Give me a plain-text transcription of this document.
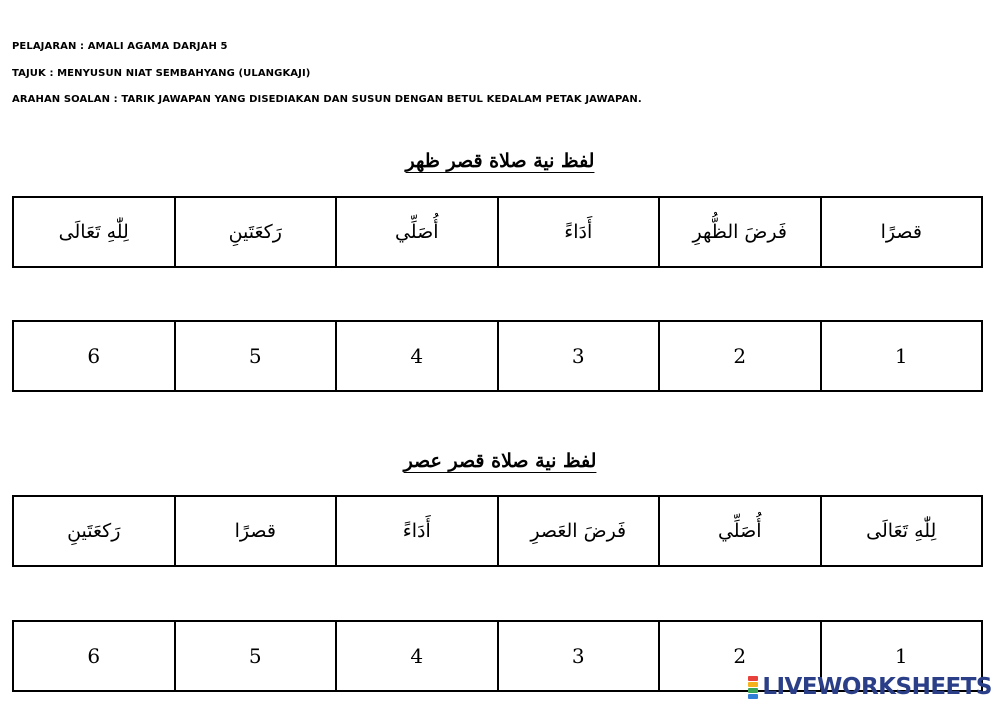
PELAJARAN : AMALI AGAMA DARJAH 5
TAJUK : MENYUSUN NIAT SEMBAHYANG (ULANGKAJI)
ARAHAN SOALAN : TARIK JAWAPAN YANG DISEDIAKAN DAN SUSUN DENGAN BETUL KEDALAM PETAK JAWAPAN.
لفظ نية صلاة قصر ظهر
قصرًا	فَرضَ الظُّهرِ	أَدَاءً	أُصَلِّي	رَكعَتَينِ	لِلّٰهِ تَعَالَى
1	2	3	4	5	6
لفظ نية صلاة قصر عصر
لِلّٰهِ تَعَالَى	أُصَلِّي	فَرضَ العَصرِ	أَدَاءً	قصرًا	رَكعَتَينِ
1	2	3	4	5	6
LIVEWORKSHEETS
